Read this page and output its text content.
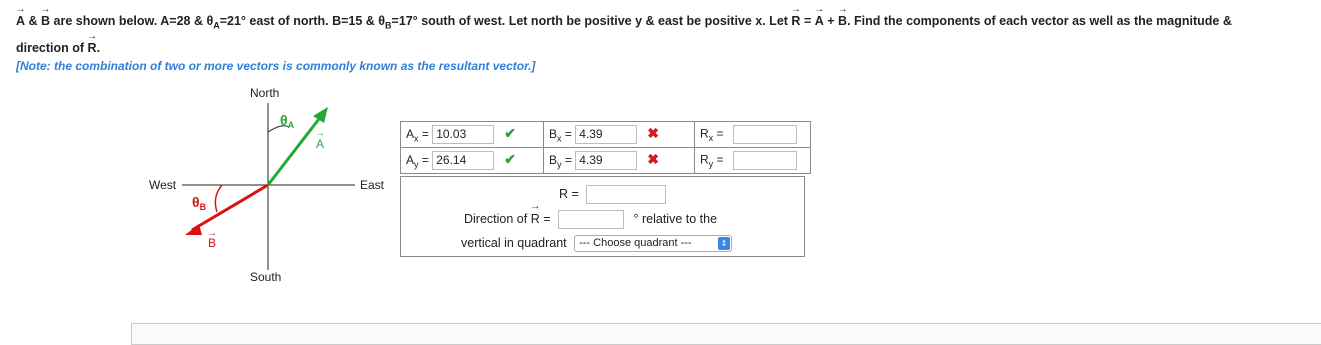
→ A & → B are shown below. A=28 & $\theta_A=21^\circ$ east of north. B=15 & $\theta_B=17^\circ$ south of west. Let north be positive y & east be positive x. Let → R = → A + → B. Find the components of each vector as well as the magnitude &
direction of → R.
[Note: the combination of two or more vectors is commonly known as the resultant vector.]
North
South
East
West
$\theta_A$
$\theta_B$
A
→
B
→
$A_x = 10.03$ ✔	$B_x = 4.39$ ✖	$R_x$ =
$A_y = 26.14$ ✔	$B_y = 4.39$ ✖	$R_y$ =
R =
Direction of → R =	° relative to the
vertical in quadrant --- Choose quadrant ---	⇕
